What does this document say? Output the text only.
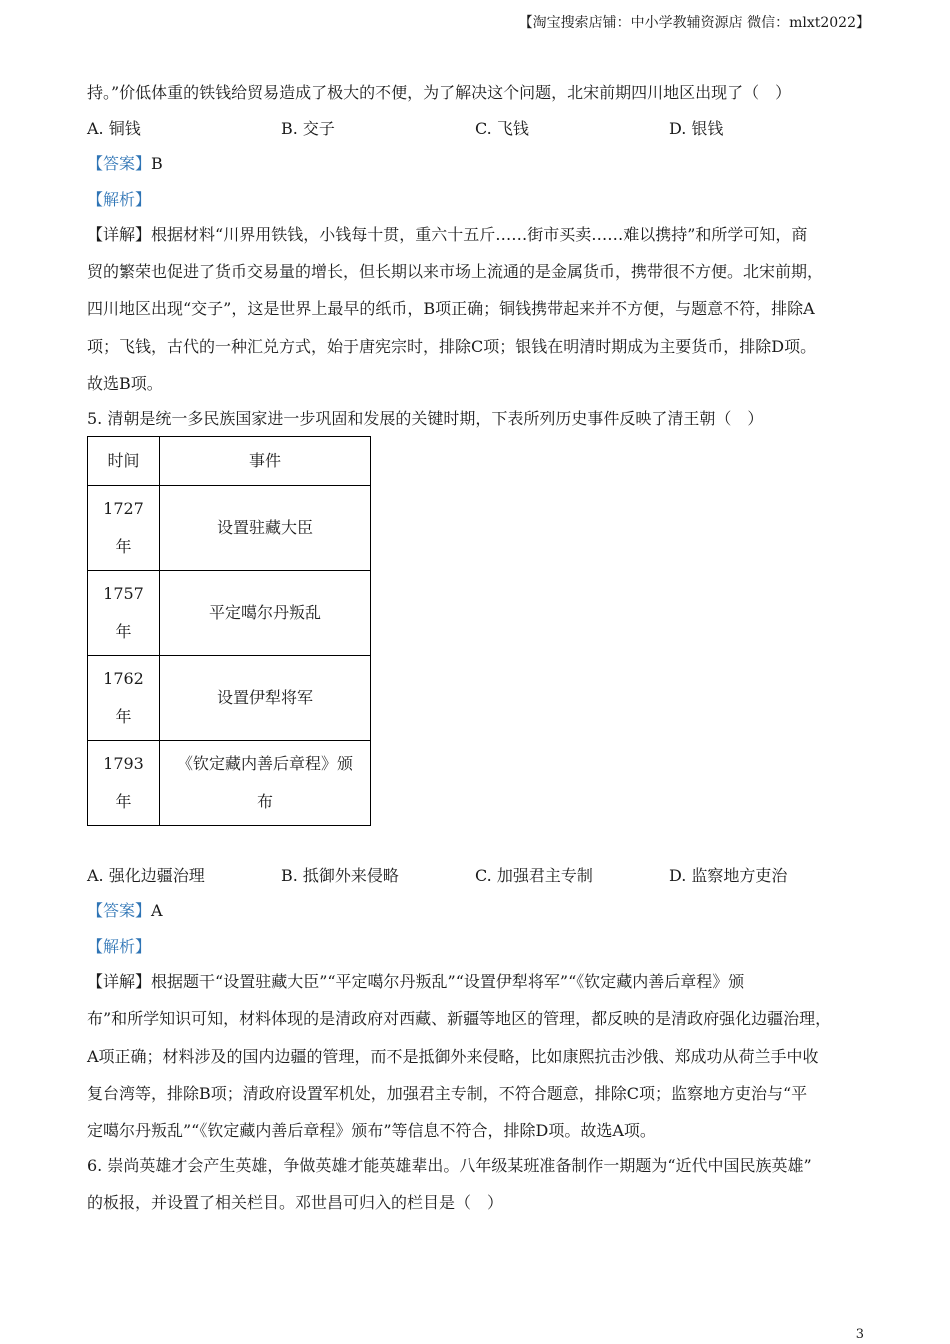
【淘宝搜索店铺：中小学教辅资源店 微信：mlxt2022】
持。”价低体重的铁钱给贸易造成了极大的不便，为了解决这个问题，北宋前期四川地区出现了（　）
A. 铜钱	B. 交子	C. 飞钱	D. 银钱
【答案】B
【解析】
【详解】根据材料“川界用铁钱，小钱每十贯，重六十五斤……街市买卖……难以携持”和所学可知，商
贸的繁荣也促进了货币交易量的增长，但长期以来市场上流通的是金属货币，携带很不方便。北宋前期，
四川地区出现“交子”，这是世界上最早的纸币，B项正确；铜钱携带起来并不方便，与题意不符，排除A
项；飞钱，古代的一种汇兑方式，始于唐宪宗时，排除C项；银钱在明清时期成为主要货币，排除D项。
故选B项。
5. 清朝是统一多民族国家进一步巩固和发展的关键时期，下表所列历史事件反映了清王朝（　）
时间	事件
1727
年	设置驻藏大臣
1757
年	平定噶尔丹叛乱
1762
年	设置伊犁将军
1793
年	《钦定藏内善后章程》颁
布
A. 强化边疆治理	B. 抵御外来侵略	C. 加强君主专制	D. 监察地方吏治
【答案】A
【解析】
【详解】根据题干“设置驻藏大臣”“平定噶尔丹叛乱”“设置伊犁将军”“《钦定藏内善后章程》颁
布”和所学知识可知，材料体现的是清政府对西藏、新疆等地区的管理，都反映的是清政府强化边疆治理，
A项正确；材料涉及的国内边疆的管理，而不是抵御外来侵略，比如康熙抗击沙俄、郑成功从荷兰手中收
复台湾等，排除B项；清政府设置军机处，加强君主专制，不符合题意，排除C项；监察地方吏治与“平
定噶尔丹叛乱”“《钦定藏内善后章程》颁布”等信息不符合，排除D项。故选A项。
6. 崇尚英雄才会产生英雄，争做英雄才能英雄辈出。八年级某班准备制作一期题为“近代中国民族英雄”
的板报，并设置了相关栏目。邓世昌可归入的栏目是（　）
3
